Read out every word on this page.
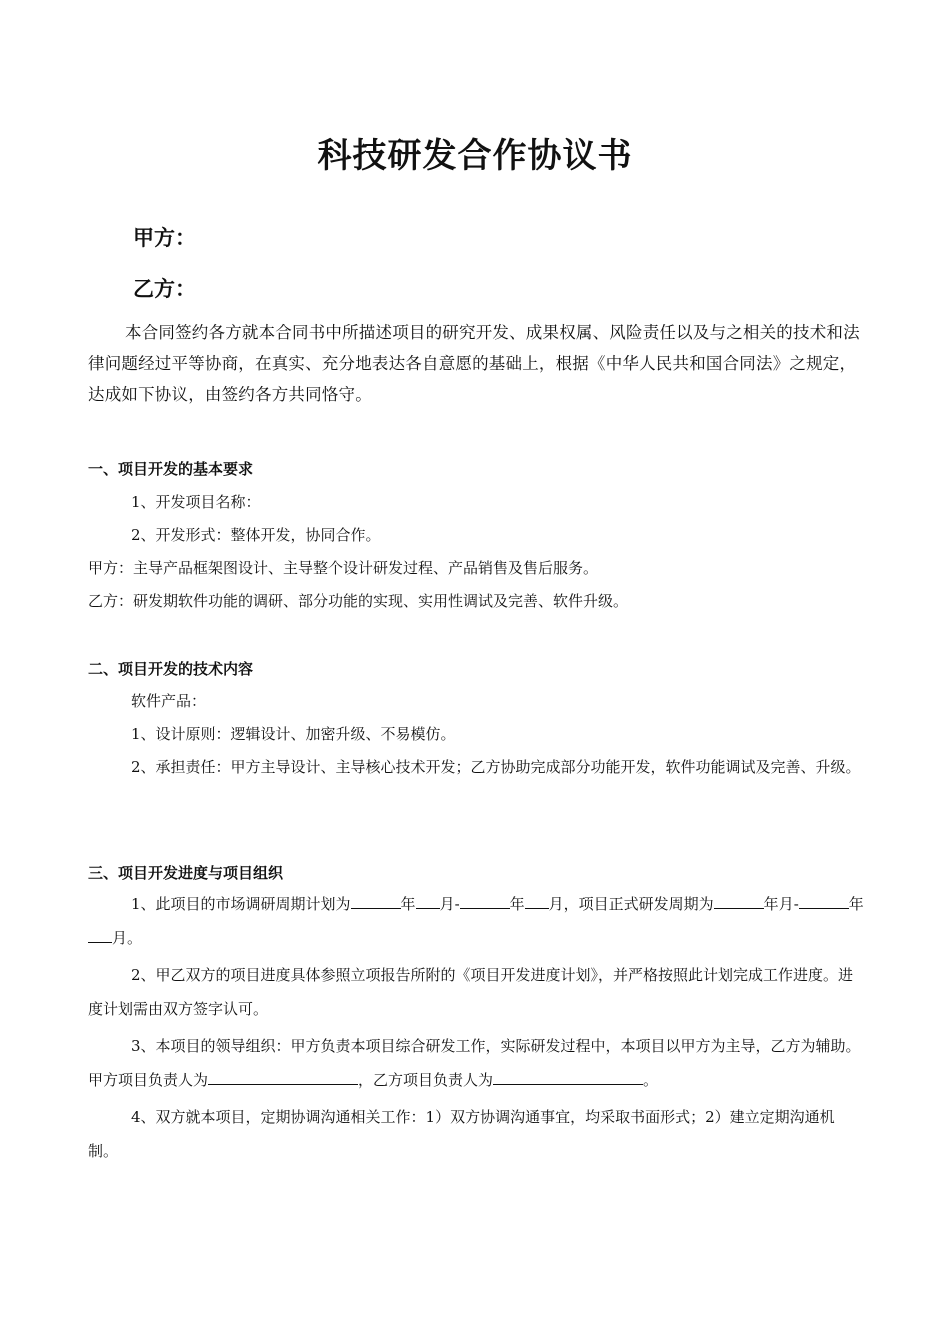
科技研发合作协议书
甲方：
乙方：
本合同签约各方就本合同书中所描述项目的研究开发、成果权属、风险责任以及与之相关的技术和法律问题经过平等协商，在真实、充分地表达各自意愿的基础上，根据《中华人民共和国合同法》之规定，达成如下协议，由签约各方共同恪守。
一、项目开发的基本要求
1、开发项目名称：
2、开发形式：整体开发，协同合作。
甲方：主导产品框架图设计、主导整个设计研发过程、产品销售及售后服务。
乙方：研发期软件功能的调研、部分功能的实现、实用性调试及完善、软件升级。
二、项目开发的技术内容
软件产品：
1、设计原则：逻辑设计、加密升级、不易模仿。
2、承担责任：甲方主导设计、主导核心技术开发；乙方协助完成部分功能开发，软件功能调试及完善、升级。
三、项目开发进度与项目组织
1、此项目的市场调研周期计划为	年 月-	年 月，项目正式研发周期为	年月-	年月。
2、甲乙双方的项目进度具体参照立项报告所附的《项目开发进度计划》，并严格按照此计划完成工作进度。进度计划需由双方签字认可。
3、本项目的领导组织：甲方负责本项目综合研发工作，实际研发过程中，本项目以甲方为主导，乙方为辅助。甲方项目负责人为	，乙方项目负责人为	。
4、双方就本项目，定期协调沟通相关工作：1）双方协调沟通事宜，均采取书面形式；2）建立定期沟通机制。
